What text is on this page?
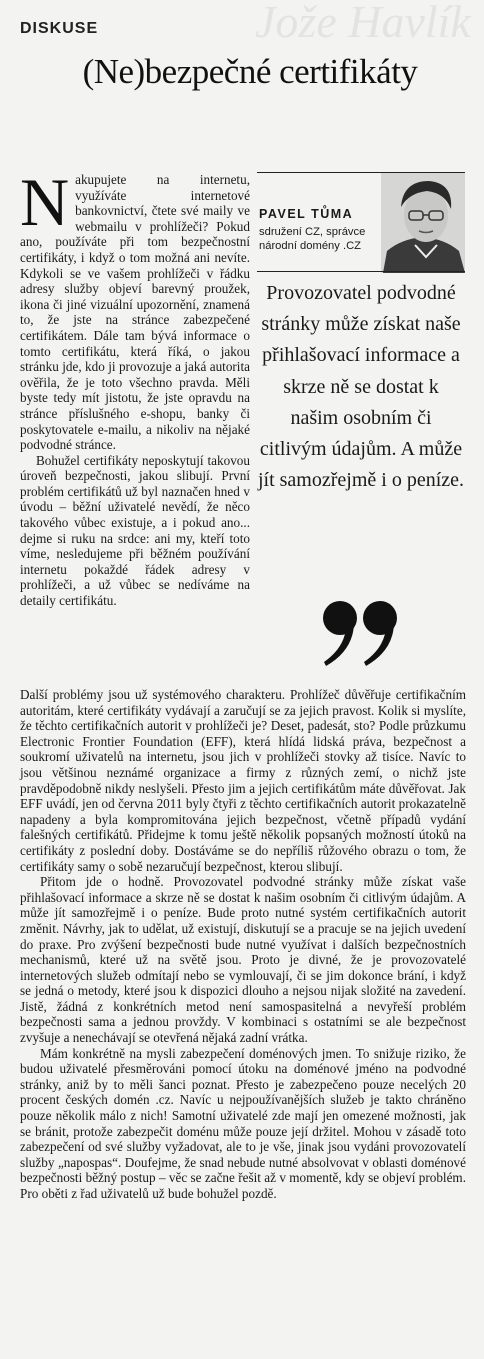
Jože Havlík
DISKUSE
(Ne)bezpečné certifikáty

Nakupujete na internetu, využíváte internetové bankovnictví, čtete své maily ve webmailu v prohlížeči? Pokud ano, používáte při tom bezpečnostní certifikáty, i když o tom možná ani nevíte. Kdykoli se ve vašem prohlížeči v řádku adresy služby objeví barevný proužek, ikona či jiné vizuální upozornění, znamená to, že jste na stránce zabezpečené certifikátem. Dále tam bývá informace o tomto certifikátu, která říká, o jakou stránku jde, kdo ji provozuje a jaká autorita ověřila, že je toto všechno pravda. Měli byste tedy mít jistotu, že jste opravdu na stránce příslušného e-shopu, banky či poskytovatele e-mailu, a nikoliv na nějaké podvodné stránce.

Bohužel certifikáty neposkytují takovou úroveň bezpečnosti, jakou slibují. První problém certifikátů už byl naznačen hned v úvodu – běžní uživatelé nevědí, že něco takového vůbec existuje, a i pokud ano... dejme si ruku na srdce: ani my, kteří toto víme, nesledujeme při běžném používání internetu pokaždé řádek adresy v prohlížeči, a už vůbec se nedíváme na detaily certifikátu.

PAVEL TŮMA
sdružení CZ, správce národní domény .CZ
Provozovatel podvodné stránky může získat naše přihlašovací informace a skrze ně se dostat k našim osobním či citlivým údajům. A může jít samozřejmě i o peníze.

Další problémy jsou už systémového charakteru. Prohlížeč důvěřuje certifikačním autoritám, které certifikáty vydávají a zaručují se za jejich pravost. Kolik si myslíte, že těchto certifikačních autorit v prohlížeči je? Deset, padesát, sto? Podle průzkumu Electronic Frontier Foundation (EFF), která hlídá lidská práva, bezpečnost a soukromí uživatelů na internetu, jsou jich v prohlížeči stovky až tisíce. Navíc to jsou většinou neznámé organizace a firmy z různých zemí, o nichž jste pravděpodobně nikdy neslyšeli. Přesto jim a jejich certifikátům máte důvěřovat. Jak EFF uvádí, jen od června 2011 byly čtyři z těchto certifikačních autorit prokazatelně napadeny a byla kompromitována jejich bezpečnost, včetně případů vydání falešných certifikátů. Přidejme k tomu ještě několik popsaných možností útoků na certifikáty z poslední doby. Dostáváme se do nepříliš růžového obrazu o tom, že certifikáty samy o sobě nezaručují bezpečnost, kterou slibují.

Přitom jde o hodně. Provozovatel podvodné stránky může získat vaše přihlašovací informace a skrze ně se dostat k našim osobním či citlivým údajům. A může jít samozřejmě i o peníze. Bude proto nutné systém certifikačních autorit změnit. Návrhy, jak to udělat, už existují, diskutují se a pracuje se na jejich uvedení do praxe. Pro zvýšení bezpečnosti bude nutné využívat i dalších bezpečnostních mechanismů, které už na světě jsou. Proto je divné, že je provozovatelé internetových služeb odmítají nebo se vymlouvají, či se jim dokonce brání, i když se jedná o metody, které jsou k dispozici dlouho a nejsou nijak složité na zavedení. Jistě, žádná z konkrétních metod není samospasitelná a nevyřeší problém bezpečnosti sama a jednou provždy. V kombinaci s ostatními se ale bezpečnost zvyšuje a nenechávají se otevřená nějaká zadní vrátka.

Mám konkrétně na mysli zabezpečení doménových jmen. To snižuje riziko, že budou uživatelé přesměrováni pomocí útoku na doménové jméno na podvodné stránky, aniž by to měli šanci poznat. Přesto je zabezpečeno pouze necelých 20 procent českých domén .cz. Navíc u nejpoužívanějších služeb je takto chráněno pouze několik málo z nich! Samotní uživatelé zde mají jen omezené možnosti, jak se bránit, protože zabezpečit doménu může pouze její držitel. Mohou v zásadě toto zabezpečení od své služby vyžadovat, ale to je vše, jinak jsou vydáni provozovatelí služby „napospas“. Doufejme, že snad nebude nutné absolvovat v oblasti doménové bezpečnosti běžný postup – věc se začne řešit až v momentě, kdy se objeví problém. Pro oběti z řad uživatelů už bude bohužel pozdě.
